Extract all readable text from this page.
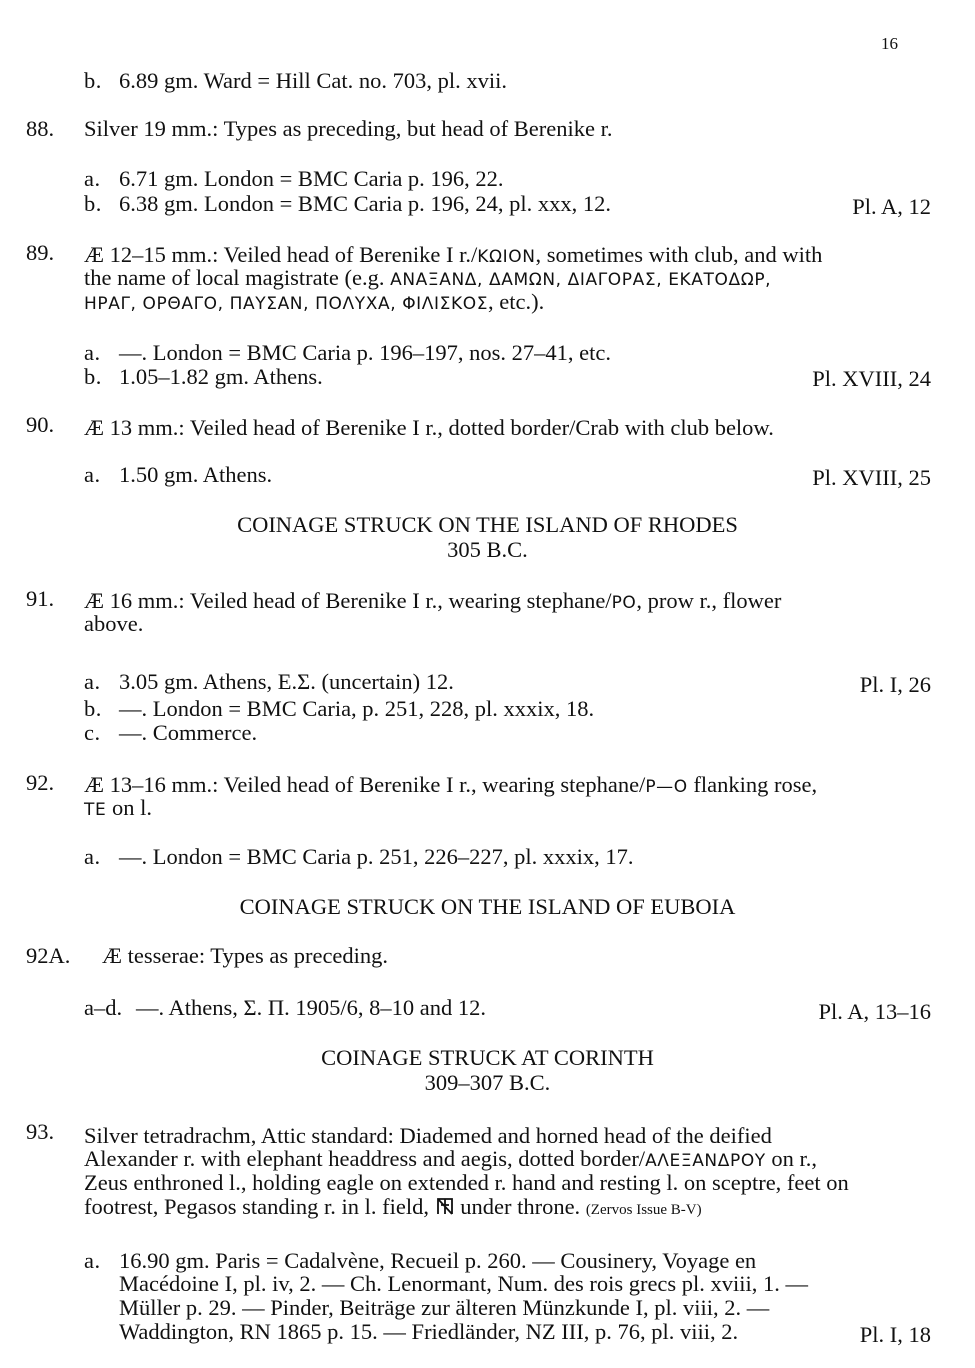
16
b. 6.89 gm. Ward = Hill Cat. no. 703, pl. xvii.
88. Silver 19 mm.: Types as preceding, but head of Berenike r.
a. 6.71 gm. London = BMC Caria p. 196, 22.
b. 6.38 gm. London = BMC Caria p. 196, 24, pl. xxx, 12.	Pl. A, 12
89. Æ 12–15 mm.: Veiled head of Berenike I r./ΚΩΙΟΝ, sometimes with club, and with
the name of local magistrate (e.g. ΑΝΑΞΑΝΔ, ΔΑΜΩΝ, ΔΙΑΓΟΡΑΣ, ΕΚΑΤΟΔΩΡ,
ΗΡΑΓ, ΟΡΘΑΓΟ, ΠΑΥΣΑΝ, ΠΟΛΥΧΑ, ΦΙΛΙΣΚΟΣ, etc.).
a. —. London = BMC Caria p. 196–197, nos. 27–41, etc.
b. 1.05–1.82 gm. Athens.	Pl. XVIII, 24
90. Æ 13 mm.: Veiled head of Berenike I r., dotted border/Crab with club below.
a. 1.50 gm. Athens.	Pl. XVIII, 25
COINAGE STRUCK ON THE ISLAND OF RHODES
305 B.C.
91. Æ 16 mm.: Veiled head of Berenike I r., wearing stephane/ΡΟ, prow r., flower
above.
a. 3.05 gm. Athens, Ε.Σ. (uncertain) 12.	Pl. I, 26
b. —. London = BMC Caria, p. 251, 228, pl. xxxix, 18.
c. —. Commerce.
92. Æ 13–16 mm.: Veiled head of Berenike I r., wearing stephane/Ρ—Ο flanking rose,
ΤΕ on l.
a. —. London = BMC Caria p. 251, 226–227, pl. xxxix, 17.
COINAGE STRUCK ON THE ISLAND OF EUBOIA
92A. Æ tesserae: Types as preceding.
a–d. —. Athens, Σ. Π. 1905/6, 8–10 and 12.	Pl. A, 13–16
COINAGE STRUCK AT CORINTH
309–307 B.C.
93. Silver tetradrachm, Attic standard: Diademed and horned head of the deified
Alexander r. with elephant headdress and aegis, dotted border/ΑΛΕΞΑΝΔΡΟΥ on r.,
Zeus enthroned l., holding eagle on extended r. hand and resting l. on sceptre, feet on
footrest, Pegasos standing r. in l. field,  under throne. (Zervos Issue B-V)
a. 16.90 gm. Paris = Cadalvène, Recueil p. 260. — Cousinery, Voyage en
Macédoine I, pl. iv, 2. — Ch. Lenormant, Num. des rois grecs pl. xviii, 1. —
Müller p. 29. — Pinder, Beiträge zur älteren Münzkunde I, pl. viii, 2. —
Waddington, RN 1865 p. 15. — Friedländer, NZ III, p. 76, pl. viii, 2.	Pl. I, 18
